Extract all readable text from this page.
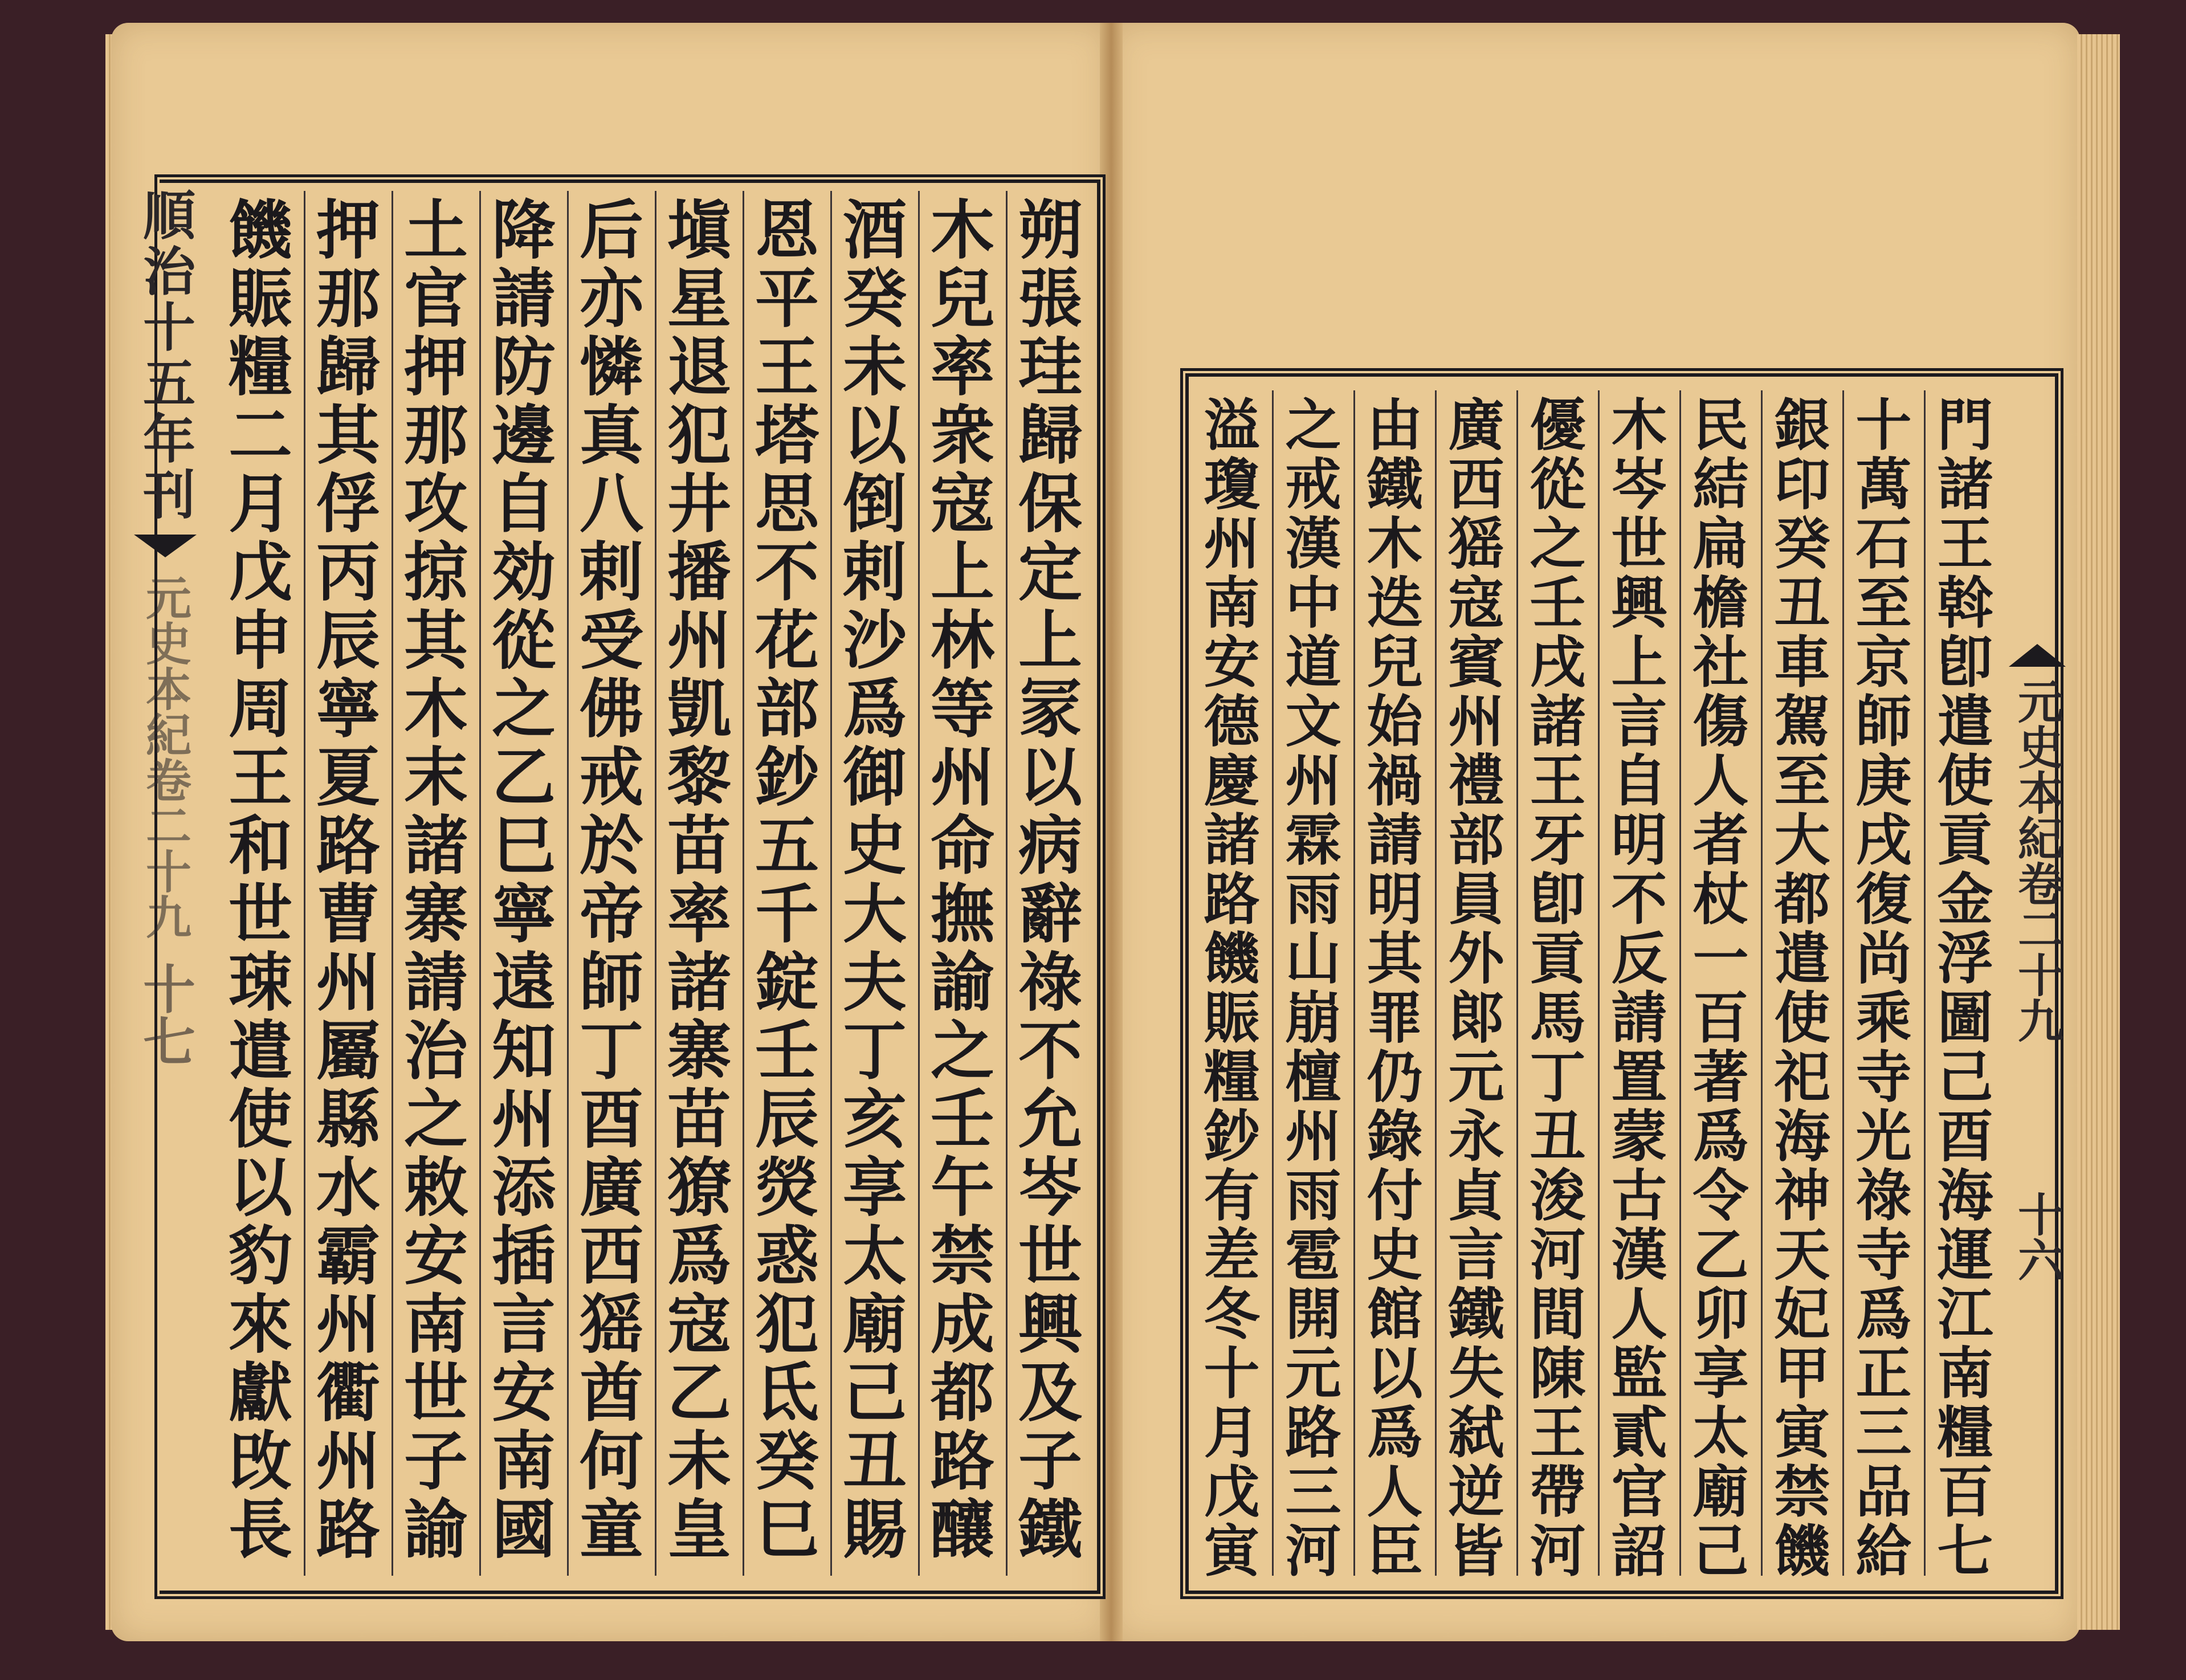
順治十五年刊
元史本紀卷二十九
十七	元史本紀卷二十九
十六
朔
張
珪
歸
保
定
上
冡
以
病
辭
祿
不
允
岑
世
興
及
子
鐵
木
兒
率
衆
寇
上
林
等
州
命
撫
諭
之
壬
午
禁
成
都
路
釀
酒
癸
未
以
倒
剌
沙
爲
御
史
大
夫
丁
亥
享
太
廟
己
丑
賜
恩
平
王
塔
思
不
花
部
鈔
五
千
錠
壬
辰
熒
惑
犯
氐
癸
巳
塡
星
退
犯
井
播
州
凱
黎
苗
率
諸
寨
苗
獠
爲
寇
乙
未
皇
后
亦
憐
真
八
剌
受
佛
戒
於
帝
師
丁
酉
廣
西
猺
酋
何
童
降
請
防
邊
自
効
從
之
乙
巳
寧
遠
知
州
添
插
言
安
南
國
土
官
押
那
攻
掠
其
木
末
諸
寨
請
治
之
敕
安
南
世
子
諭
押
那
歸
其
俘
丙
辰
寧
夏
路
曹
州
屬
縣
水
霸
州
衢
州
路
饑
賑
糧
二
月
戊
申
周
王
和
世
㻋
遣
使
以
豹
來
獻
攺
長
門
諸
王
斡
卽
遣
使
貢
金
浮
圖
己
酉
海
運
江
南
糧
百
七
十
萬
石
至
京
師
庚
戌
復
尚
乘
寺
光
祿
寺
爲
正
三
品
給
銀
印
癸
丑
車
駕
至
大
都
遣
使
祀
海
神
天
妃
甲
寅
禁
饑
民
結
扁
檐
社
傷
人
者
杖
一
百
著
爲
令
乙
卯
享
太
廟
己
木
岑
世
興
上
言
自
明
不
反
請
置
蒙
古
漢
人
監
貳
官
詔
優
從
之
壬
戌
諸
王
牙
卽
貢
馬
丁
丑
浚
河
間
陳
王
帶
河
廣
西
猺
寇
賓
州
禮
部
員
外
郞
元
永
貞
言
鐵
失
弑
逆
皆
由
鐵
木
迭
兒
始
禍
請
明
其
罪
仍
錄
付
史
館
以
爲
人
臣
之
戒
漢
中
道
文
州
霖
雨
山
崩
檀
州
雨
雹
開
元
路
三
河
溢
瓊
州
南
安
德
慶
諸
路
饑
賑
糧
鈔
有
差
冬
十
月
戊
寅
